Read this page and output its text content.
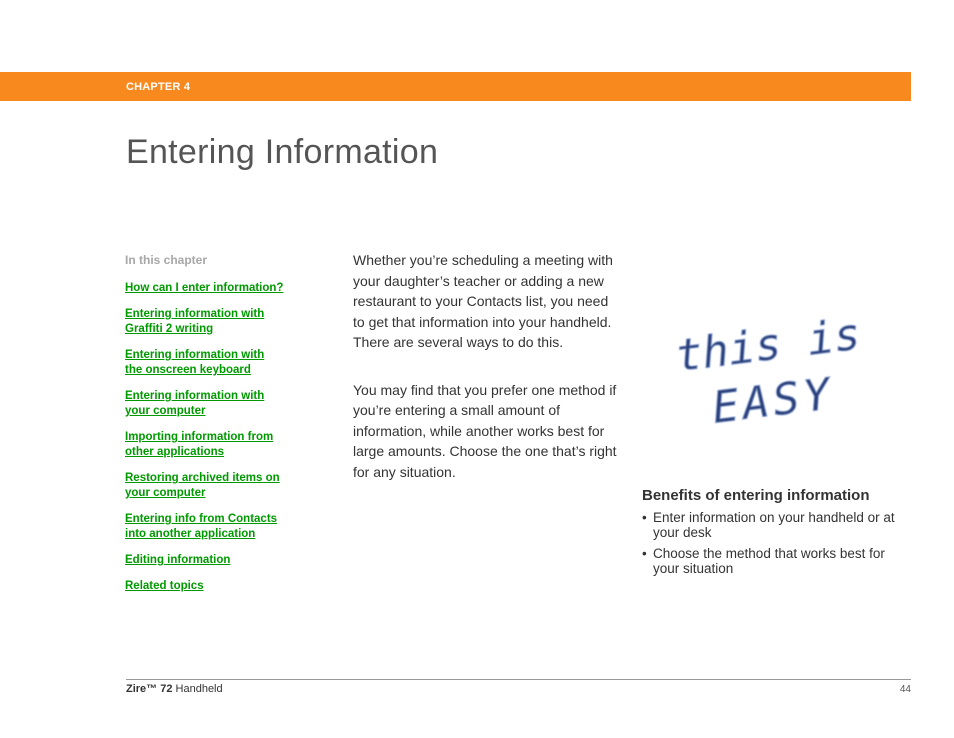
CHAPTER 4
Entering Information
In this chapter
How can I enter information?
Entering information with
Graffiti 2 writing
Entering information with
the onscreen keyboard
Entering information with
your computer
Importing information from
other applications
Restoring archived items on
your computer
Entering info from Contacts
into another application
Editing information
Related topics

Whether you’re scheduling a meeting with your daughter’s teacher or adding a new restaurant to your Contacts list, you need to get that information into your handheld. There are several ways to do this.

You may find that you prefer one method if you’re entering a small amount of information, while another works best for large amounts. Choose the one that’s right for any situation.

this is
EASY
Benefits of entering information
• Enter information on your handheld or at your desk
• Choose the method that works best for your situation
Zire™ 72 Handheld	44
